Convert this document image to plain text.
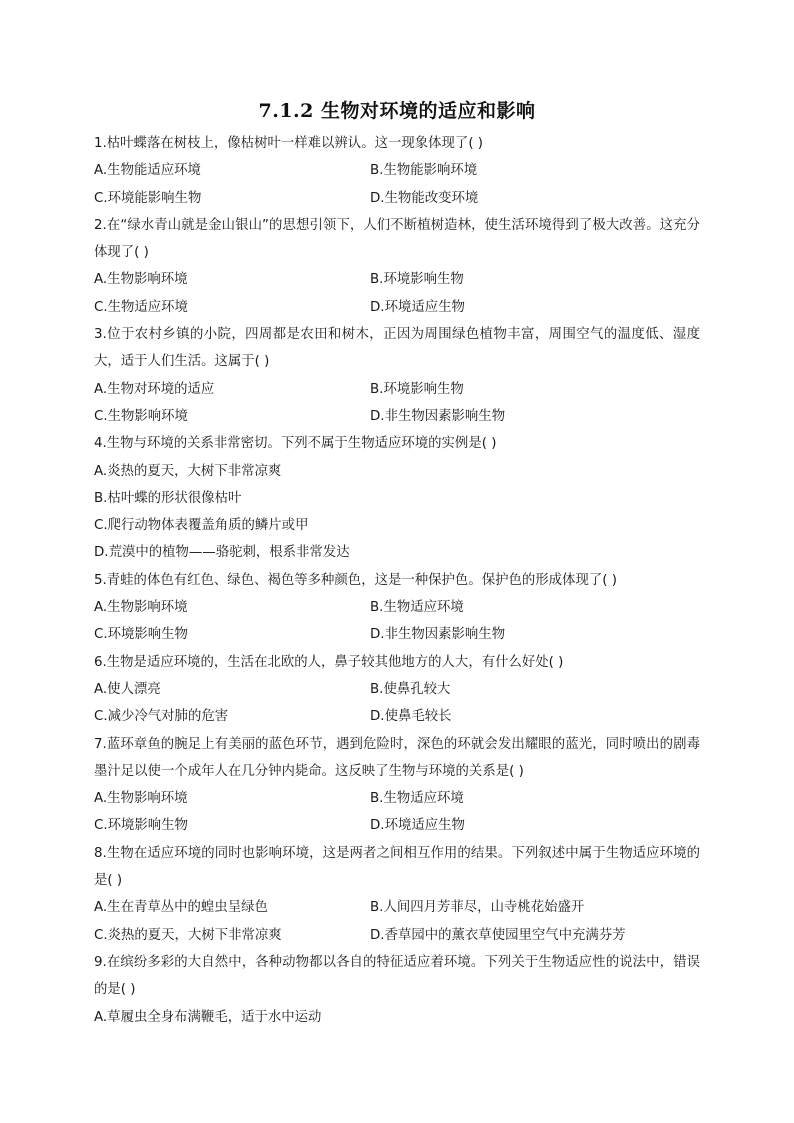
7.1.2 生物对环境的适应和影响

1.枯叶蝶落在树枝上，像枯树叶一样难以辨认。这一现象体现了( )

A.生物能适应环境	B.生物能影响环境
C.环境能影响生物	D.生物能改变环境

2.在“绿水青山就是金山银山”的思想引领下，人们不断植树造林，使生活环境得到了极大改善。这充分体现了( )

A.生物影响环境	B.环境影响生物
C.生物适应环境	D.环境适应生物

3.位于农村乡镇的小院，四周都是农田和树木，正因为周围绿色植物丰富，周围空气的温度低、湿度大，适于人们生活。这属于( )

A.生物对环境的适应	B.环境影响生物
C.生物影响环境	D.非生物因素影响生物

4.生物与环境的关系非常密切。下列不属于生物适应环境的实例是( )

A.炎热的夏天，大树下非常凉爽
B.枯叶蝶的形状很像枯叶
C.爬行动物体表覆盖角质的鳞片或甲
D.荒漠中的植物——骆驼刺，根系非常发达

5.青蛙的体色有红色、绿色、褐色等多种颜色，这是一种保护色。保护色的形成体现了( )

A.生物影响环境	B.生物适应环境
C.环境影响生物	D.非生物因素影响生物

6.生物是适应环境的，生活在北欧的人，鼻子较其他地方的人大，有什么好处( )

A.使人漂亮	B.使鼻孔较大
C.减少冷气对肺的危害	D.使鼻毛较长

7.蓝环章鱼的腕足上有美丽的蓝色环节，遇到危险时，深色的环就会发出耀眼的蓝光，同时喷出的剧毒墨汁足以使一个成年人在几分钟内毙命。这反映了生物与环境的关系是( )

A.生物影响环境	B.生物适应环境
C.环境影响生物	D.环境适应生物

8.生物在适应环境的同时也影响环境，这是两者之间相互作用的结果。下列叙述中属于生物适应环境的是( )

A.生在青草丛中的蝗虫呈绿色	B.人间四月芳菲尽，山寺桃花始盛开
C.炎热的夏天，大树下非常凉爽	D.香草园中的薰衣草使园里空气中充满芬芳

9.在缤纷多彩的大自然中，各种动物都以各自的特征适应着环境。下列关于生物适应性的说法中，错误的是( )

A.草履虫全身布满鞭毛，适于水中运动
